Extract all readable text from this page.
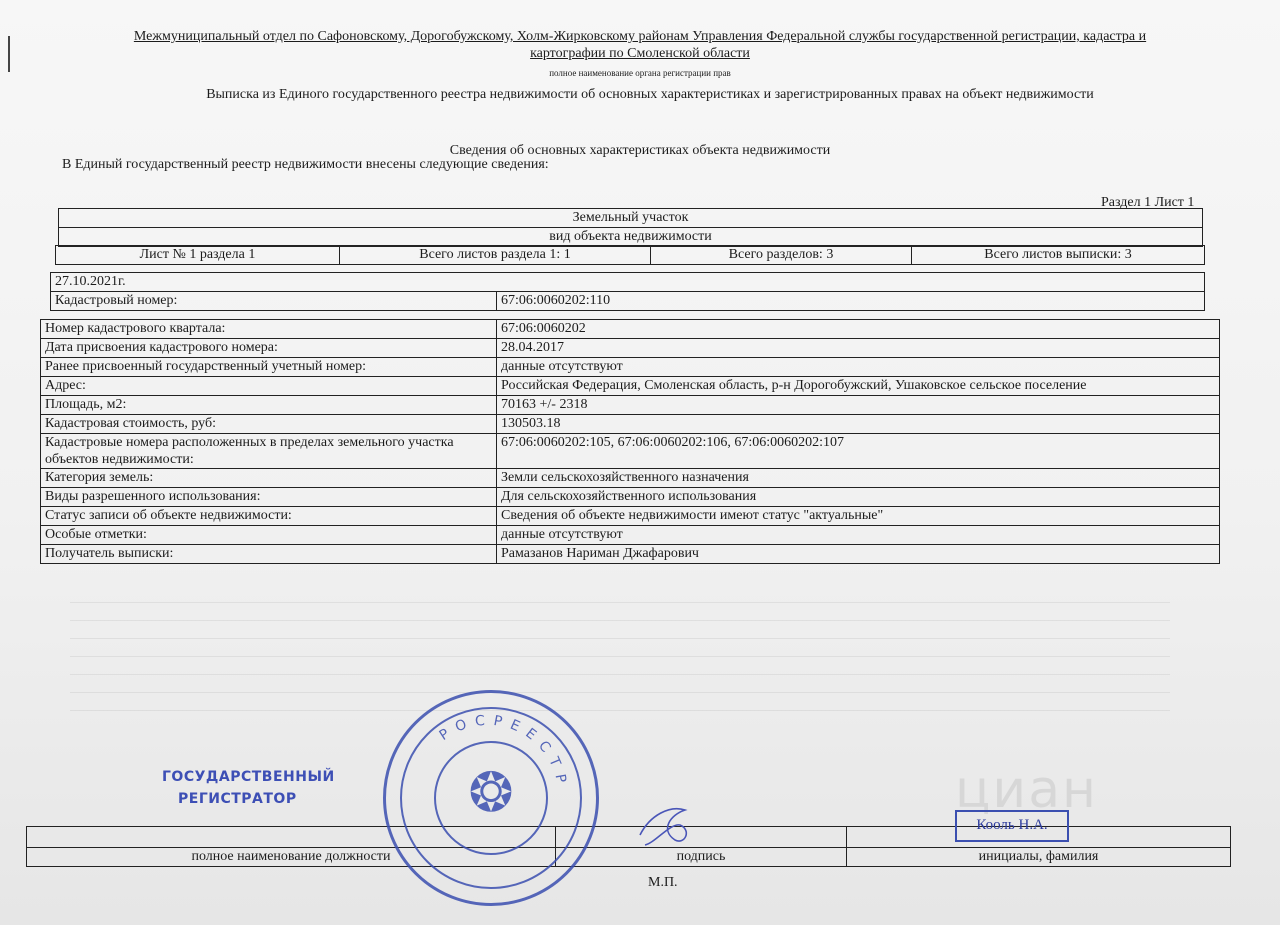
Межмуниципальный отдел по Сафоновскому, Дорогобужскому, Холм-Жирковскому районам Управления Федеральной службы государственной регистрации, кадастра и
картографии по Смоленской области
полное наименование органа регистрации прав
Выписка из Единого государственного реестра недвижимости об основных характеристиках и зарегистрированных правах на объект недвижимости
Сведения об основных характеристиках объекта недвижимости
В Единый государственный реестр недвижимости внесены следующие сведения:
Раздел 1 Лист 1
Земельный участок
вид объекта недвижимости
Лист № 1 раздела 1	Всего листов раздела 1: 1	Всего разделов: 3	Всего листов выписки: 3
27.10.2021г.
Кадастровый номер:	67:06:0060202:110
Номер кадастрового квартала:	67:06:0060202
Дата присвоения кадастрового номера:	28.04.2017
Ранее присвоенный государственный учетный номер:	данные отсутствуют
Адрес:	Российская Федерация, Смоленская область, р-н Дорогобужский, Ушаковское сельское поселение
Площадь, м2:	70163 +/- 2318
Кадастровая стоимость, руб:	130503.18
Кадастровые номера расположенных в пределах земельного участка объектов недвижимости:	67:06:0060202:105, 67:06:0060202:106, 67:06:0060202:107
Категория земель:	Земли сельскохозяйственного назначения
Виды разрешенного использования:	Для сельскохозяйственного использования
Статус записи об объекте недвижимости:	Сведения об объекте недвижимости имеют статус "актуальные"
Особые отметки:	данные отсутствуют
Получатель выписки:	Рамазанов Нариман Джафарович
ГОСУДАРСТВЕННЫЙ
РЕГИСТРАТОР	циан

полное наименование должности	подпись	инициалы, фамилия
Кооль Н.А.
❂
РОСРЕЕСТР
М.П.
